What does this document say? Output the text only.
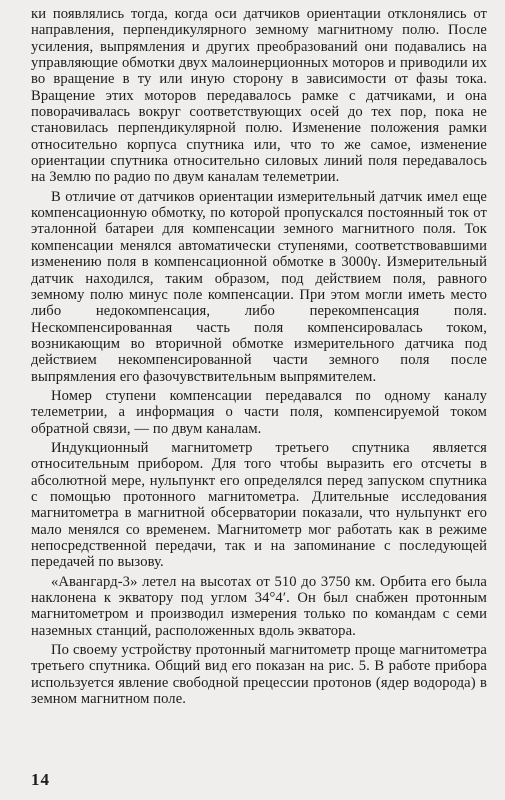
ки появлялись тогда, когда оси датчиков ориентации отклонялись от направления, перпендикулярного земному магнитному полю. После усиления, выпрямления и других преобразований они подавались на управляющие обмотки двух малоинерционных моторов и приводили их во вращение в ту или иную сторону в зависимости от фазы тока. Вращение этих моторов передавалось рамке с датчиками, и она поворачивалась вокруг соответствующих осей до тех пор, пока не становилась перпендикулярной полю. Изменение положения рамки относительно корпуса спутника или, что то же самое, изменение ориентации спутника относительно силовых линий поля передавалось на Землю по радио по двум каналам телеметрии.

В отличие от датчиков ориентации измерительный датчик имел еще компенсационную обмотку, по которой пропускался постоянный ток от эталонной батареи для компенсации земного магнитного поля. Ток компенсации менялся автоматически ступенями, соответствовавшими изменению поля в компенсационной обмотке в 3000γ. Измерительный датчик находился, таким образом, под действием поля, равного земному полю минус поле компенсации. При этом могли иметь место либо недокомпенсация, либо перекомпенсация поля. Нескомпенсированная часть поля компенсировалась током, возникающим во вторичной обмотке измерительного датчика под действием некомпенсированной части земного поля после выпрямления его фазочувствительным выпрямителем.

Номер ступени компенсации передавался по одному каналу телеметрии, а информация о части поля, компенсируемой током обратной связи, — по двум каналам.

Индукционный магнитометр третьего спутника является относительным прибором. Для того чтобы выразить его отсчеты в абсолютной мере, нульпункт его определялся перед запуском спутника с помощью протонного магнитометра. Длительные исследования магнитометра в магнитной обсерватории показали, что нульпункт его мало менялся со временем. Магнитометр мог работать как в режиме непосредственной передачи, так и на запоминание с последующей передачей по вызову.

«Авангард-3» летел на высотах от 510 до 3750 км. Орбита его была наклонена к экватору под углом 34°4′. Он был снабжен протонным магнитометром и производил измерения только по командам с семи наземных станций, расположенных вдоль экватора.

По своему устройству протонный магнитометр проще магнитометра третьего спутника. Общий вид его показан на рис. 5. В работе прибора используется явление свободной прецессии протонов (ядер водорода) в земном магнитном поле.

14
